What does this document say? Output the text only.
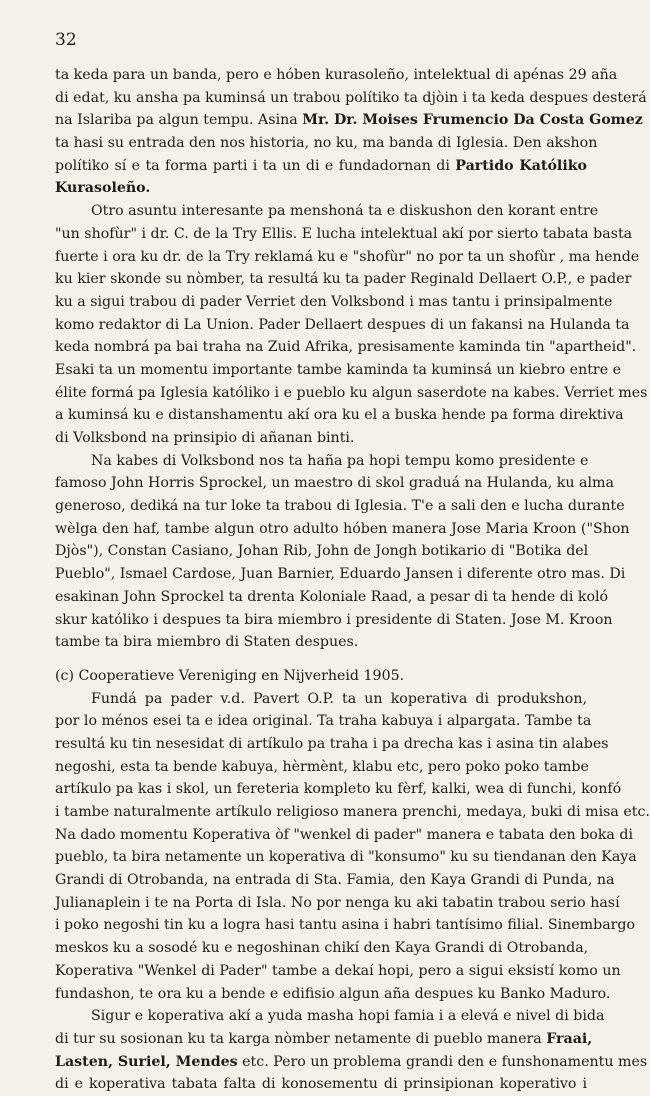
32
ta keda para un banda, pero e hóben kurasoleño, intelektual di apénas 29 aña
di edat, ku ansha pa kuminsá un trabou polítiko ta djòin i ta keda despues desterá
na Islariba pa algun tempu. Asina Mr. Dr. Moises Frumencio Da Costa Gomez
ta hasi su entrada den nos historia, no ku, ma banda di Iglesia. Den akshon
polítiko sí e ta forma parti i ta un di e fundadornan di Partido Katóliko
Kurasoleño.
Otro asuntu interesante pa menshoná ta e diskushon den korant entre
"un shofùr" i dr. C. de la Try Ellis. E lucha intelektual akí por sierto tabata basta
fuerte i ora ku dr. de la Try reklamá ku e "shofùr" no por ta un shofùr , ma hende
ku kier skonde su nòmber, ta resultá ku ta pader Reginald Dellaert O.P., e pader
ku a sigui trabou di pader Verriet den Volksbond i mas tantu i prinsipalmente
komo redaktor di La Union. Pader Dellaert despues di un fakansi na Hulanda ta
keda nombrá pa bai traha na Zuid Afrika, presisamente kaminda tin "apartheid".
Esaki ta un momentu importante tambe kaminda ta kuminsá un kiebro entre e
élite formá pa Iglesia katóliko i e pueblo ku algun saserdote na kabes. Verriet mes
a kuminsá ku e distanshamentu akí ora ku el a buska hende pa forma direktiva
di Volksbond na prinsipio di añanan binti.
Na kabes di Volksbond nos ta haña pa hopi tempu komo presidente e
famoso John Horris Sprockel, un maestro di skol graduá na Hulanda, ku alma
generoso, dediká na tur loke ta trabou di Iglesia. T'e a sali den e lucha durante
wèlga den haf, tambe algun otro adulto hóben manera Jose Maria Kroon ("Shon
Djòs"), Constan Casiano, Johan Rib, John de Jongh botikario di "Botika del
Pueblo", Ismael Cardose, Juan Barnier, Eduardo Jansen i diferente otro mas. Di
esakinan John Sprockel ta drenta Koloniale Raad, a pesar di ta hende di koló
skur katóliko i despues ta bira miembro i presidente di Staten. Jose M. Kroon
tambe ta bira miembro di Staten despues.
(c) Cooperatieve Vereniging en Nijverheid 1905.
Fundá pa pader v.d. Pavert O.P. ta un koperativa di produkshon,
por lo ménos esei ta e idea original. Ta traha kabuya i alpargata. Tambe ta
resultá ku tin nesesidat di artíkulo pa traha i pa drecha kas i asina tin alabes
negoshi, esta ta bende kabuya, hèrmènt, klabu etc, pero poko poko tambe
artíkulo pa kas i skol, un fereteria kompleto ku fèrf, kalki, wea di funchi, konfó
i tambe naturalmente artíkulo religioso manera prenchi, medaya, buki di misa etc.
Na dado momentu Koperativa òf "wenkel di pader" manera e tabata den boka di
pueblo, ta bira netamente un koperativa di "konsumo" ku su tiendanan den Kaya
Grandi di Otrobanda, na entrada di Sta. Famia, den Kaya Grandi di Punda, na
Julianaplein i te na Porta di Isla. No por nenga ku aki tabatin trabou serio hasí
i poko negoshi tin ku a logra hasi tantu asina i habri tantísimo filial. Sinembargo
meskos ku a sosodé ku e negoshinan chikí den Kaya Grandi di Otrobanda,
Koperativa "Wenkel di Pader" tambe a dekaí hopi, pero a sigui eksistí komo un
fundashon, te ora ku a bende e edifisio algun aña despues ku Banko Maduro.
Sigur e koperativa akí a yuda masha hopi famia i a elevá e nivel di bida
di tur su sosionan ku ta karga nòmber netamente di pueblo manera Fraai,
Lasten, Suriel, Mendes etc. Pero un problema grandi den e funshonamentu mes
di e koperativa tabata falta di konosementu di prinsipionan koperativo i
